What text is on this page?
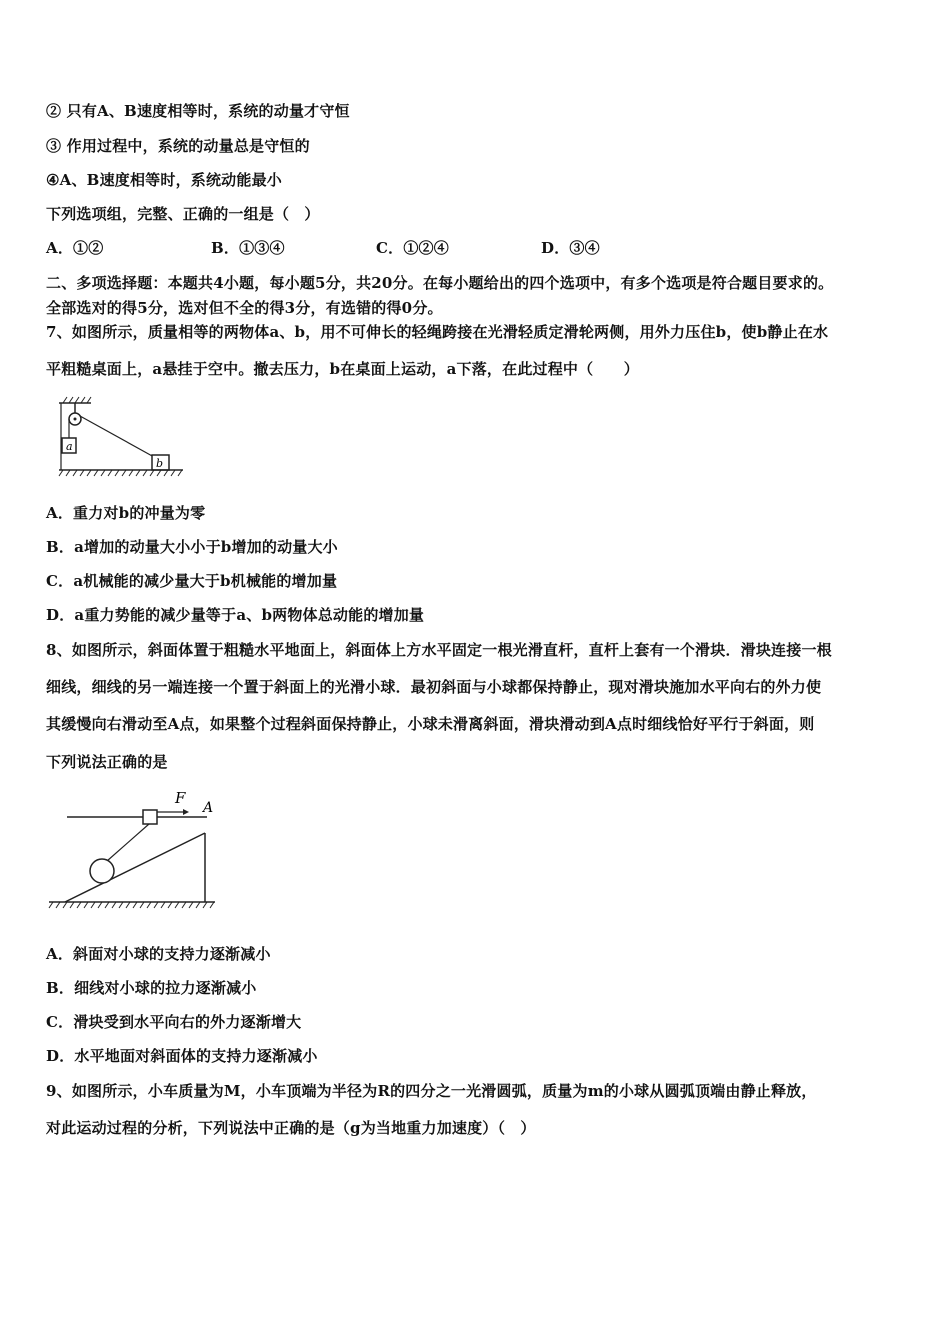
② 只有A、B速度相等时，系统的动量才守恒
③ 作用过程中，系统的动量总是守恒的
④A、B速度相等时，系统动能最小
下列选项组，完整、正确的一组是（　）
A．①②	B．①③④	C．①②④	D．③④
二、多项选择题：本题共4小题，每小题5分，共20分。在每小题给出的四个选项中，有多个选项是符合题目要求的。
全部选对的得5分，选对但不全的得3分，有选错的得0分。
7、如图所示，质量相等的两物体a、b，用不可伸长的轻绳跨接在光滑轻质定滑轮两侧，用外力压住b，使b静止在水
平粗糙桌面上，a悬挂于空中。撤去压力，b在桌面上运动，a下落，在此过程中（　　）
a
b
A．重力对b的冲量为零
B．a增加的动量大小小于b增加的动量大小
C．a机械能的减少量大于b机械能的增加量
D．a重力势能的减少量等于a、b两物体总动能的增加量
8、如图所示，斜面体置于粗糙水平地面上，斜面体上方水平固定一根光滑直杆，直杆上套有一个滑块．滑块连接一根
细线，细线的另一端连接一个置于斜面上的光滑小球．最初斜面与小球都保持静止，现对滑块施加水平向右的外力使
其缓慢向右滑动至A点，如果整个过程斜面保持静止，小球未滑离斜面，滑块滑动到A点时细线恰好平行于斜面，则
下列说法正确的是
F
A
A．斜面对小球的支持力逐渐减小
B．细线对小球的拉力逐渐减小
C．滑块受到水平向右的外力逐渐增大
D．水平地面对斜面体的支持力逐渐减小
9、如图所示，小车质量为M，小车顶端为半径为R的四分之一光滑圆弧，质量为m的小球从圆弧顶端由静止释放，
对此运动过程的分析，下列说法中正确的是（g为当地重力加速度）（　）
